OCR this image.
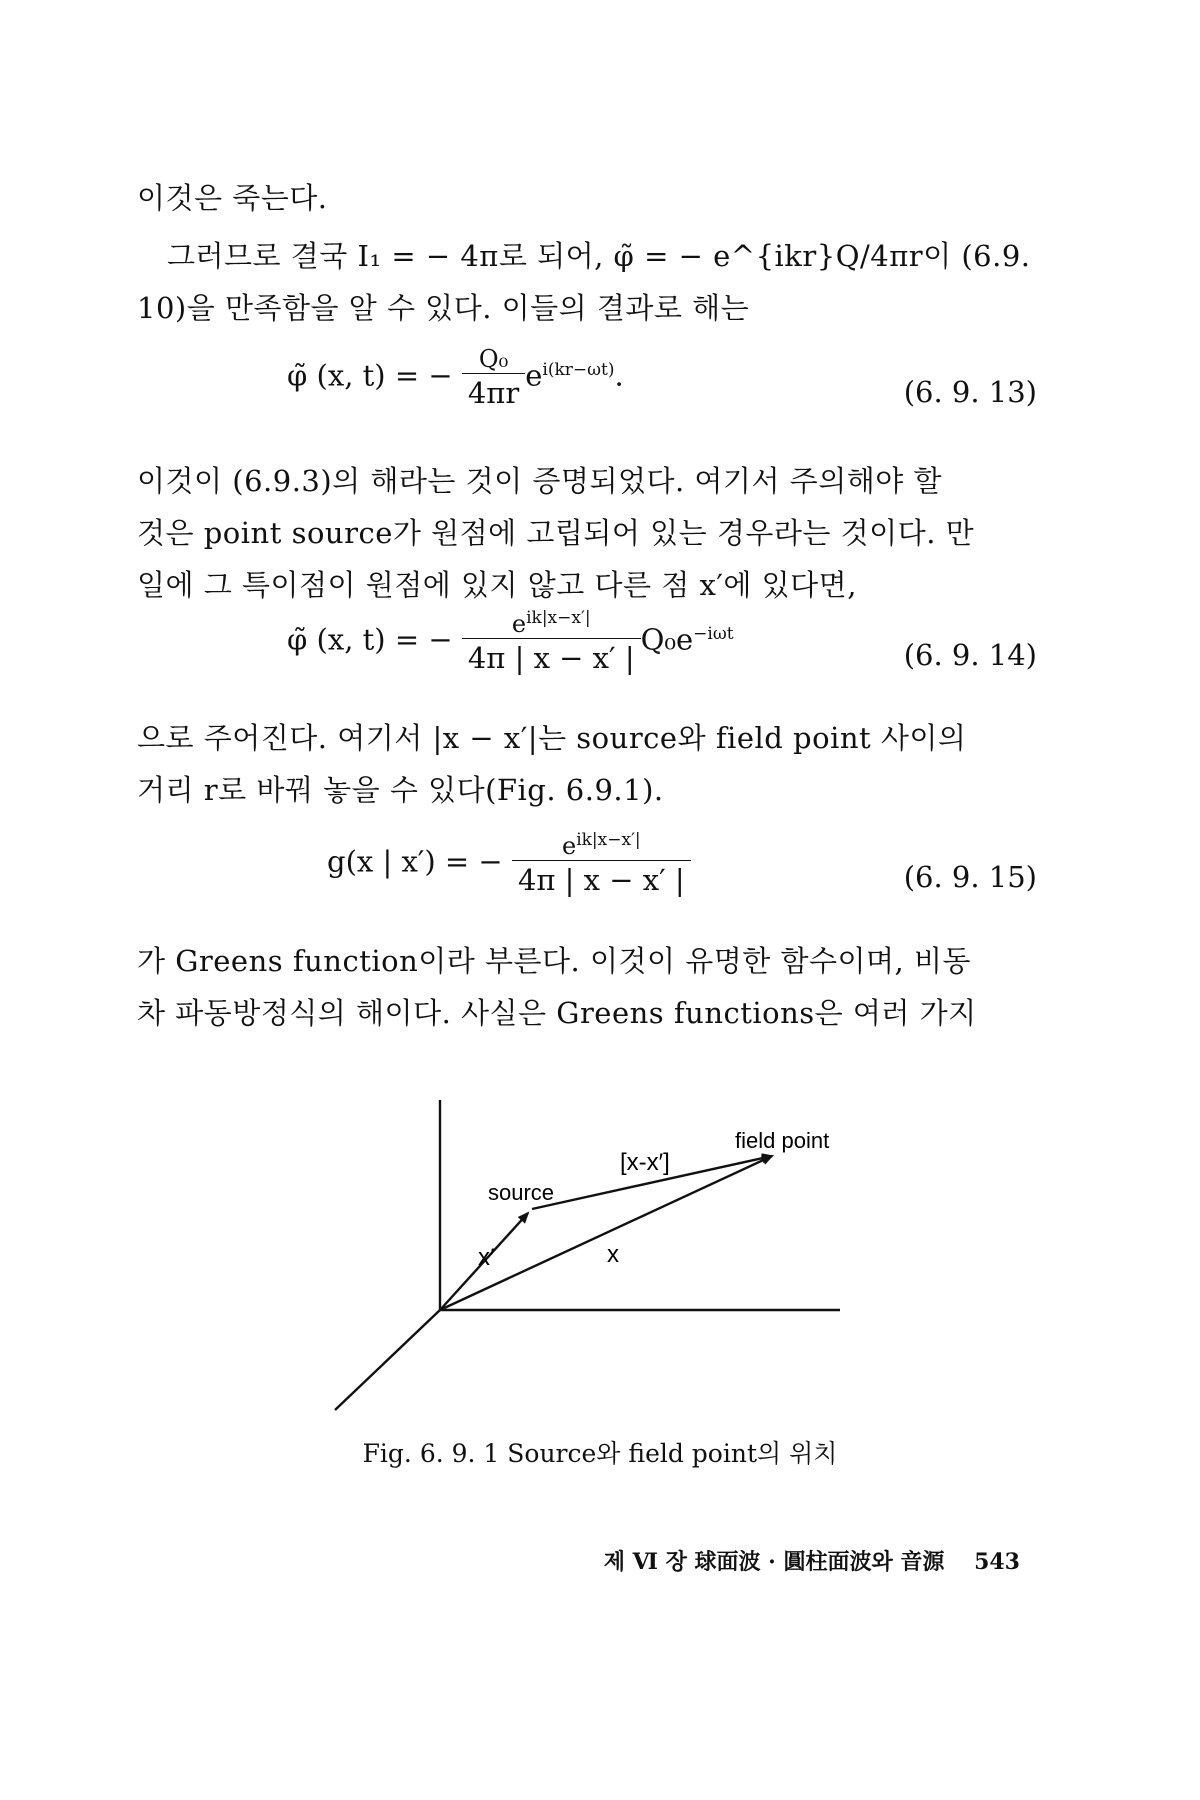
이것은 죽는다.
그러므로 결국 I₁ = − 4π로 되어, φ̃ = − e^{ikr}Q/4πr이 (6.9.
10)을 만족함을 알 수 있다. 이들의 결과로 해는
φ̃ (x, t) = − $\frac{\text{Q₀}}{4\pi r} e^{i(kr-\omega t)}$.	(6. 9. 13)
이것이 (6.9.3)의 해라는 것이 증명되었다. 여기서 주의해야 할
것은 point source가 원점에 고립되어 있는 경우라는 것이다. 만
일에 그 특이점이 원점에 있지 않고 다른 점 x′에 있다면,
φ̃ (x, t) = − $\frac{e^{ik|x-x'|}}{4\pi | x - x' |} Q_0e^{-i\omega t}$
(6. 9. 14)
으로 주어진다. 여기서 |x − x′|는 source와 field point 사이의
거리 r로 바꿔 놓을 수 있다(Fig. 6.9.1).
g(x | x′) = − $\frac{e^{ik|x-x'|}}{4\pi | x - x' |}$	(6. 9. 15)
가 Greens function이라 부른다. 이것이 유명한 함수이며, 비동
차 파동방정식의 해이다. 사실은 Greens functions은 여러 가지
field point
source
[x-x′]
x
x′
Fig. 6. 9. 1 Source와 field point의 위치
제 Ⅵ 장 球面波 · 圓柱面波와 音源 543
